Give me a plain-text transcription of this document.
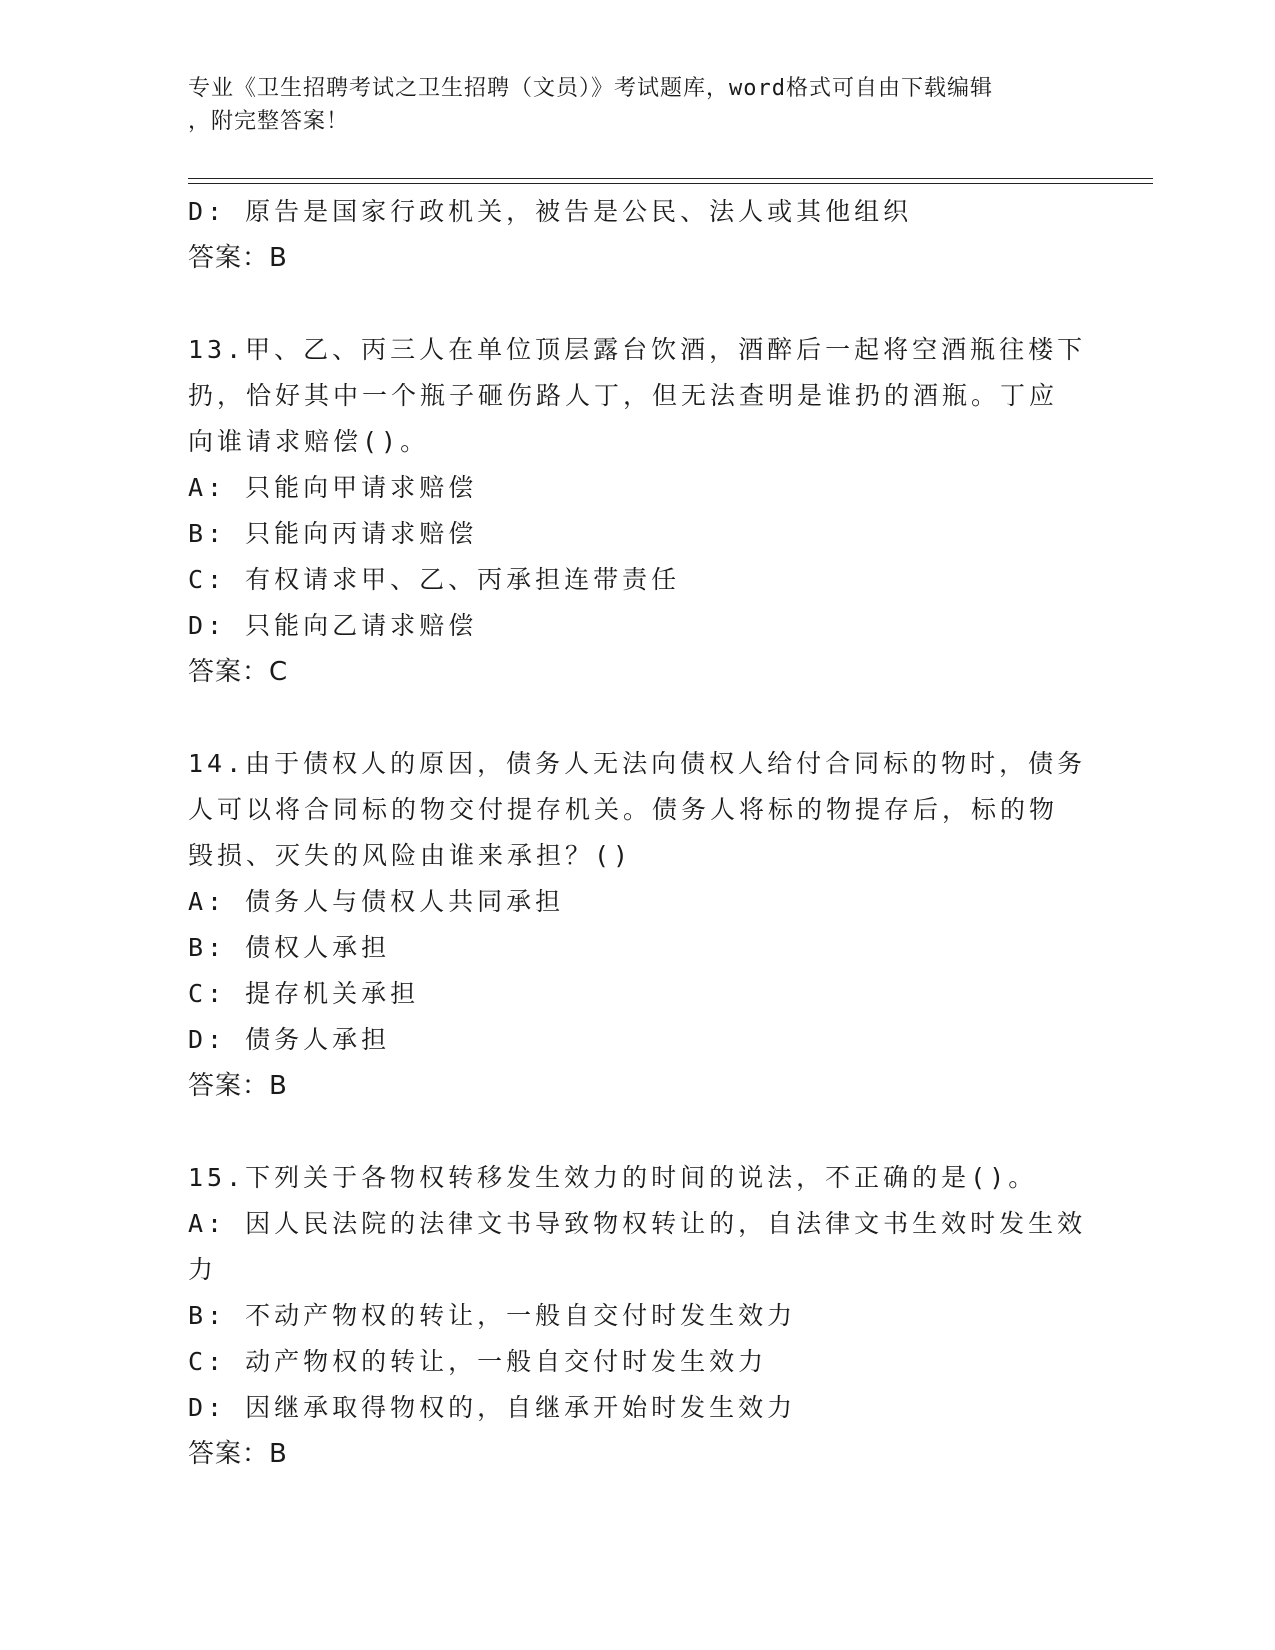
专业《卫生招聘考试之卫生招聘（文员）》考试题库，word格式可自由下载编辑
，附完整答案！
D: 原告是国家行政机关，被告是公民、法人或其他组织
答案：B
13.甲、乙、丙三人在单位顶层露台饮酒，酒醉后一起将空酒瓶往楼下
扔，恰好其中一个瓶子砸伤路人丁，但无法查明是谁扔的酒瓶。丁应
向谁请求赔偿()。
A: 只能向甲请求赔偿
B: 只能向丙请求赔偿
C: 有权请求甲、乙、丙承担连带责任
D: 只能向乙请求赔偿
答案：C
14.由于债权人的原因，债务人无法向债权人给付合同标的物时，债务
人可以将合同标的物交付提存机关。债务人将标的物提存后，标的物
毁损、灭失的风险由谁来承担？()
A: 债务人与债权人共同承担
B: 债权人承担
C: 提存机关承担
D: 债务人承担
答案：B
15.下列关于各物权转移发生效力的时间的说法，不正确的是()。
A: 因人民法院的法律文书导致物权转让的，自法律文书生效时发生效
力
B: 不动产物权的转让，一般自交付时发生效力
C: 动产物权的转让，一般自交付时发生效力
D: 因继承取得物权的，自继承开始时发生效力
答案：B
